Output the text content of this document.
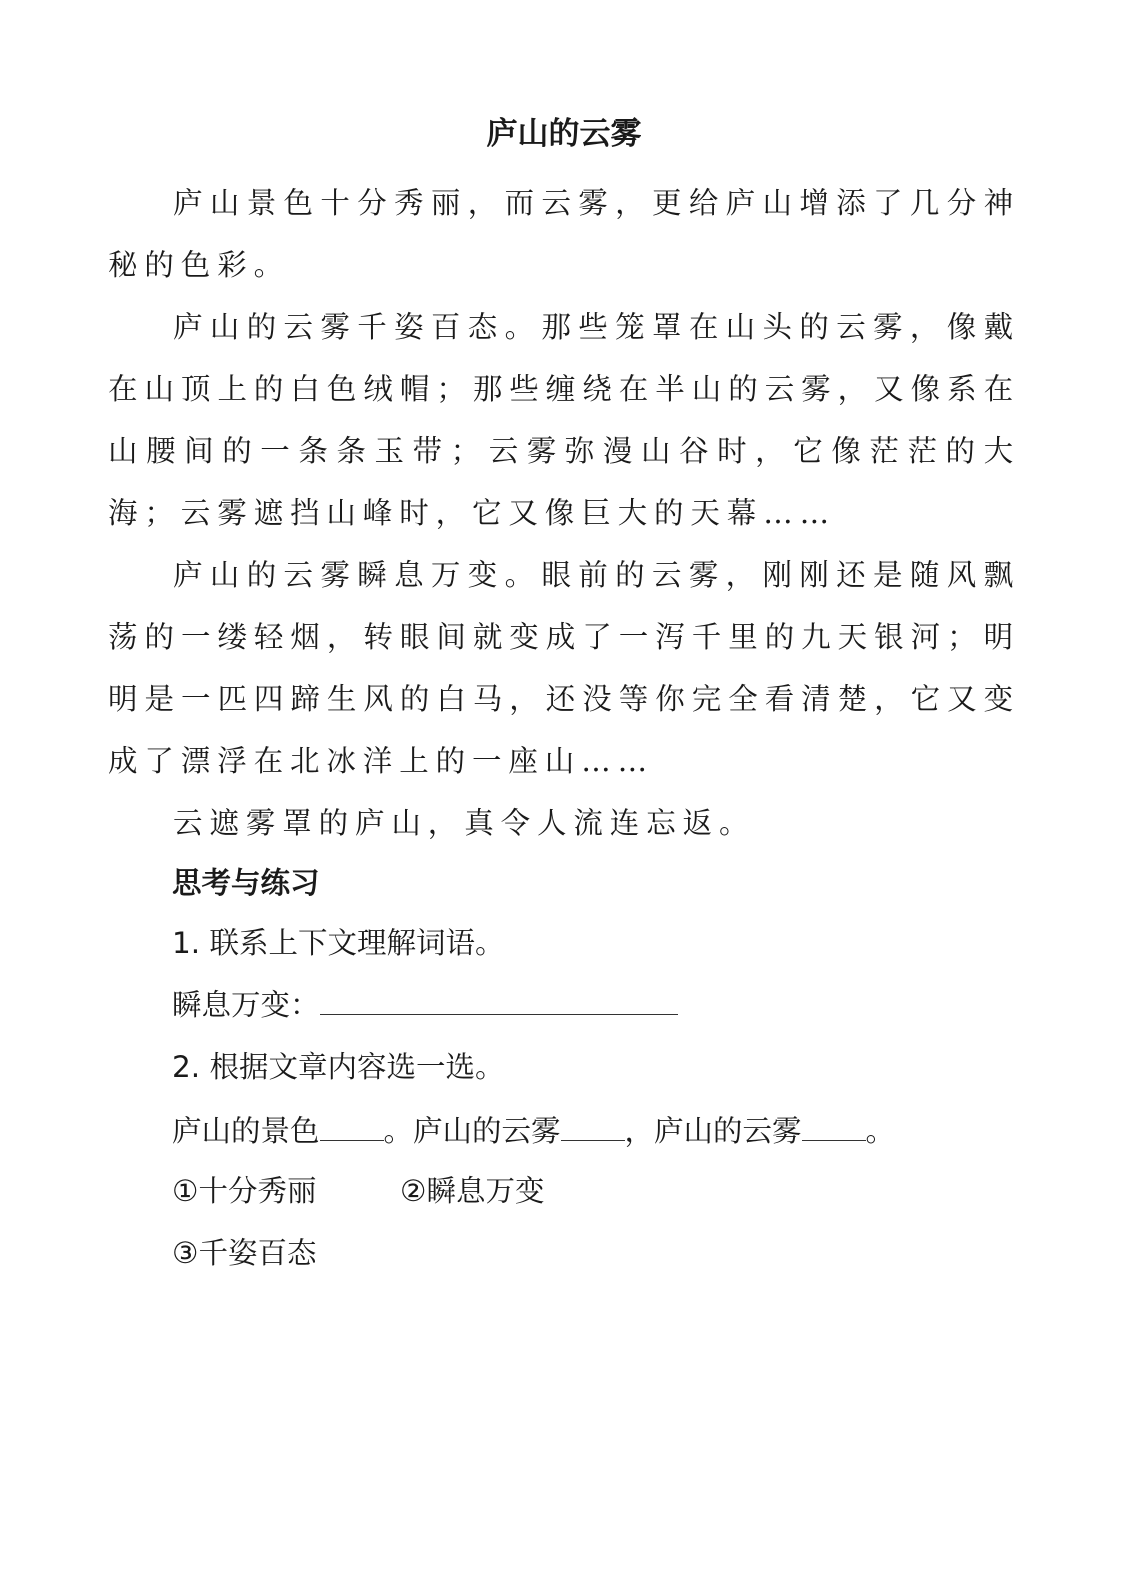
庐山的云雾

庐山景色十分秀丽，而云雾，更给庐山增添了几分神秘的色彩。

庐山的云雾千姿百态。那些笼罩在山头的云雾，像戴在山顶上的白色绒帽；那些缠绕在半山的云雾，又像系在山腰间的一条条玉带；云雾弥漫山谷时，它像茫茫的大海；云雾遮挡山峰时，它又像巨大的天幕……

庐山的云雾瞬息万变。眼前的云雾，刚刚还是随风飘荡的一缕轻烟，转眼间就变成了一泻千里的九天银河；明明是一匹四蹄生风的白马，还没等你完全看清楚，它又变成了漂浮在北冰洋上的一座山……

云遮雾罩的庐山，真令人流连忘返。

思考与练习

1. 联系上下文理解词语。

瞬息万变：

2. 根据文章内容选一选。

庐山的景色 。庐山的云雾 ，庐山的云雾 。

①十分秀丽	②瞬息万变

③千姿百态
